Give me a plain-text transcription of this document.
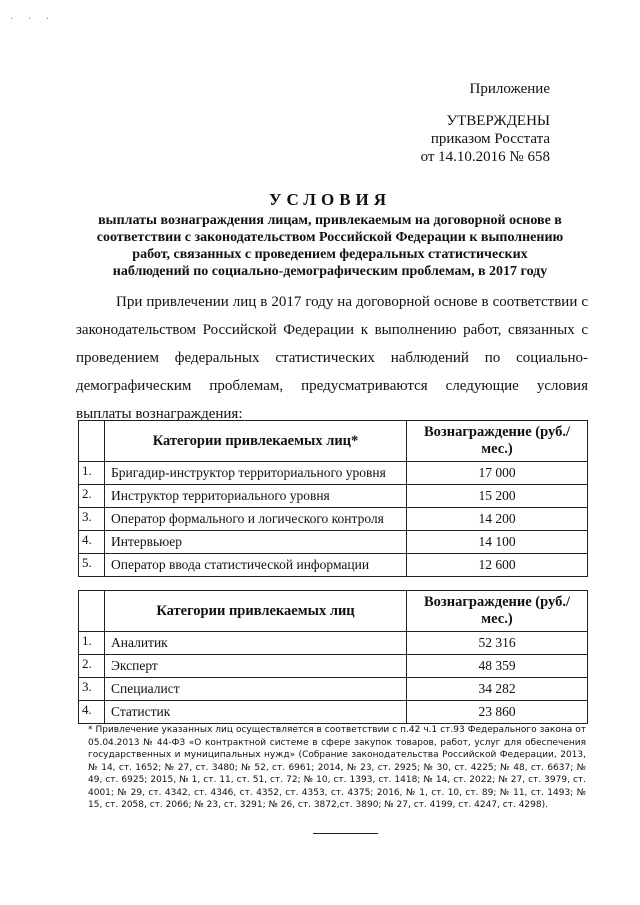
· · ·
Приложение
УТВЕРЖДЕНЫ
приказом Росстата
от 14.10.2016 № 658
УСЛОВИЯ
выплаты вознаграждения лицам, привлекаемым на договорной основе в
соответствии с законодательством Российской Федерации к выполнению
работ, связанных с проведением федеральных статистических
наблюдений по социально-демографическим проблемам, в 2017 году
При привлечении лиц в 2017 году на договорной основе в соответствии с законодательством Российской Федерации к выполнению работ, связанных с проведением федеральных статистических наблюдений по социально-демографическим проблемам, предусматриваются следующие условия выплаты вознаграждения:
	Категории привлекаемых лиц*	Вознаграждение (руб./мес.)
1.	Бригадир-инструктор территориального уровня	17 000
2.	Инструктор территориального уровня	15 200
3.	Оператор формального и логического контроля	14 200
4.	Интервьюер	14 100
5.	Оператор ввода статистической информации	12 600
	Категории привлекаемых лиц	Вознаграждение (руб./мес.)
1.	Аналитик	52 316
2.	Эксперт	48 359
3.	Специалист	34 282
4.	Статистик	23 860
* Привлечение указанных лиц осуществляется в соответствии с п.42 ч.1 ст.93 Федерального закона от 05.04.2013 № 44-ФЗ «О контрактной системе в сфере закупок товаров, работ, услуг для обеспечения государственных и муниципальных нужд» (Собрание законодательства Российской Федерации, 2013, № 14, ст. 1652; № 27, ст. 3480; № 52, ст. 6961; 2014, № 23, ст. 2925; № 30, ст. 4225; № 48, ст. 6637; № 49, ст. 6925; 2015, № 1, ст. 11, ст. 51, ст. 72; № 10, ст. 1393, ст. 1418; № 14, ст. 2022; № 27, ст. 3979, ст. 4001; № 29, ст. 4342, ст. 4346, ст. 4352, ст. 4353, ст. 4375; 2016, № 1, ст. 10, ст. 89; № 11, ст. 1493; № 15, ст. 2058, ст. 2066; № 23, ст. 3291; № 26, ст. 3872,ст. 3890; № 27, ст. 4199, ст. 4247, ст. 4298).
